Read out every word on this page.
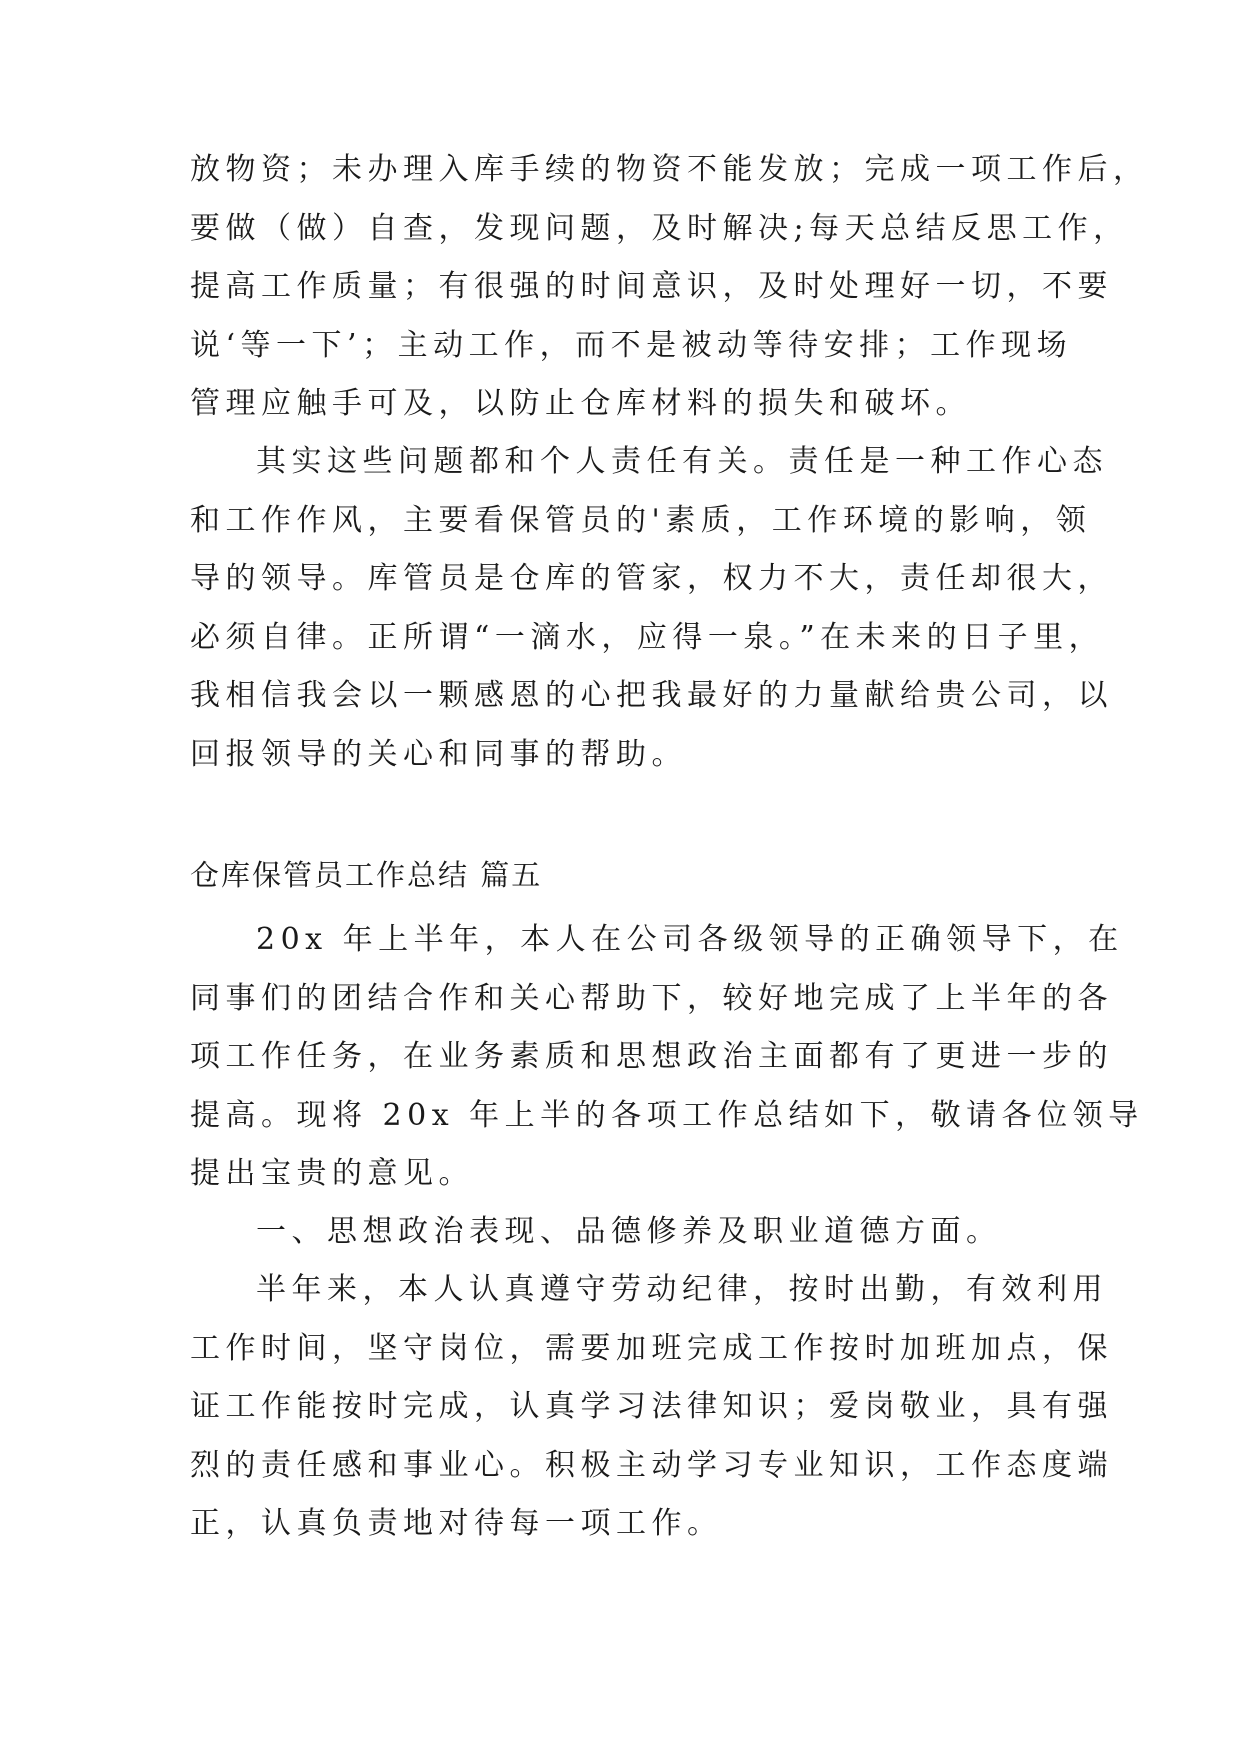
放物资；未办理入库手续的物资不能发放；完成一项工作后，
要做（做）自查，发现问题，及时解决;每天总结反思工作，
提高工作质量；有很强的时间意识，及时处理好一切，不要
说‘等一下’；主动工作，而不是被动等待安排；工作现场
管理应触手可及，以防止仓库材料的损失和破坏。
其实这些问题都和个人责任有关。责任是一种工作心态
和工作作风，主要看保管员的'素质，工作环境的影响，领
导的领导。库管员是仓库的管家，权力不大，责任却很大，
必须自律。正所谓“一滴水，应得一泉。”在未来的日子里，
我相信我会以一颗感恩的心把我最好的力量献给贵公司，以
回报领导的关心和同事的帮助。
仓库保管员工作总结 篇五
20x 年上半年，本人在公司各级领导的正确领导下，在
同事们的团结合作和关心帮助下，较好地完成了上半年的各
项工作任务，在业务素质和思想政治主面都有了更进一步的
提高。现将 20x 年上半的各项工作总结如下，敬请各位领导
提出宝贵的意见。
一、思想政治表现、品德修养及职业道德方面。
半年来，本人认真遵守劳动纪律，按时出勤，有效利用
工作时间，坚守岗位，需要加班完成工作按时加班加点，保
证工作能按时完成，认真学习法律知识；爱岗敬业，具有强
烈的责任感和事业心。积极主动学习专业知识，工作态度端
正，认真负责地对待每一项工作。
